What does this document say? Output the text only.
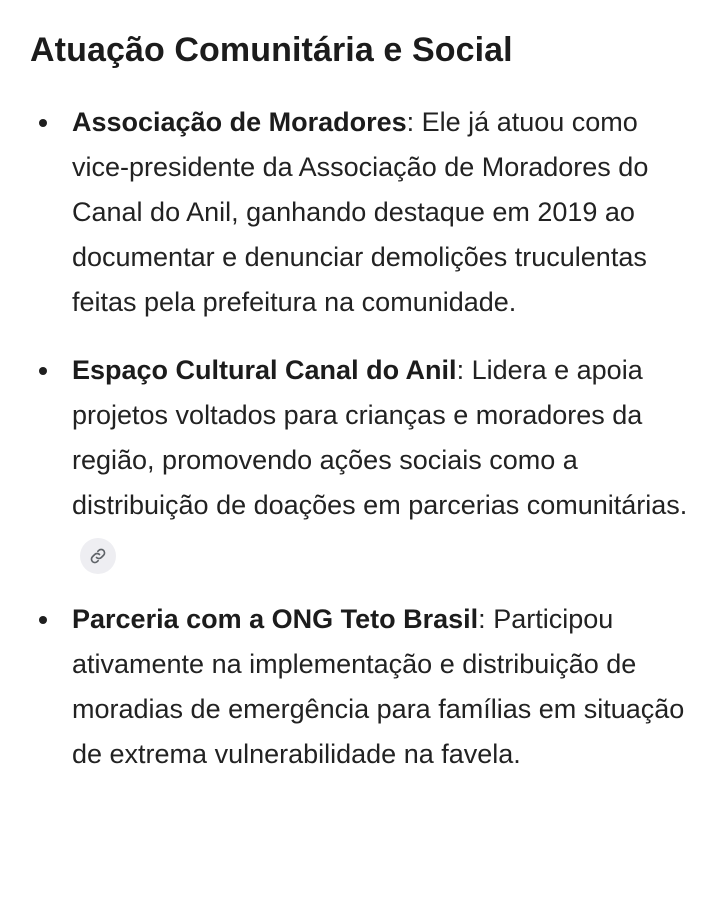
Atuação Comunitária e Social
Associação de Moradores: Ele já atuou como vice-presidente da Associação de Moradores do Canal do Anil, ganhando destaque em 2019 ao documentar e denunciar demolições truculentas feitas pela prefeitura na comunidade.
Espaço Cultural Canal do Anil: Lidera e apoia projetos voltados para crianças e moradores da região, promovendo ações sociais como a distribuição de doações em parcerias comunitárias.
Parceria com a ONG Teto Brasil: Participou ativamente na implementação e distribuição de moradias de emergência para famílias em situação de extrema vulnerabilidade na favela.
